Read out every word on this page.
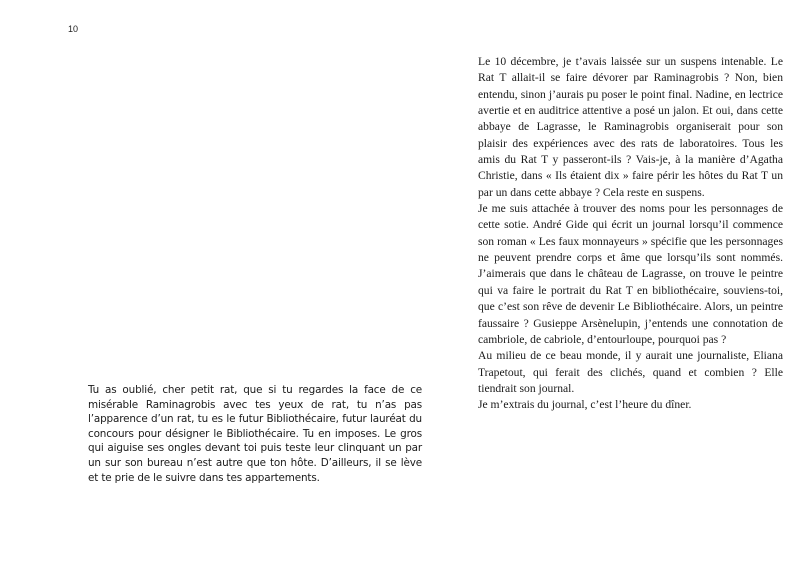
10

Tu as oublié, cher petit rat, que si tu regardes la face de ce misérable Raminagrobis avec tes yeux de rat, tu n’as pas l’apparence d’un rat, tu es le futur Bibliothécaire, futur lauréat du concours pour désigner le Bibliothécaire. Tu en imposes. Le gros qui aiguise ses ongles devant toi puis teste leur clinquant un par un sur son bureau n’est autre que ton hôte. D’ailleurs, il se lève et te prie de le suivre dans tes appartements.

Le 10 décembre, je t’avais laissée sur un suspens intenable. Le Rat T allait-il se faire dévorer par Raminagrobis ? Non, bien entendu, sinon j’aurais pu poser le point final. Nadine, en lectrice avertie et en auditrice attentive a posé un jalon. Et oui, dans cette abbaye de Lagrasse, le Raminagrobis organiserait pour son plaisir des expériences avec des rats de laboratoires. Tous les amis du Rat T y passeront-ils ? Vais-je, à la manière d’Agatha Christie, dans « Ils étaient dix » faire périr les hôtes du Rat T un par un dans cette abbaye ? Cela reste en suspens.

Je me suis attachée à trouver des noms pour les personnages de cette sotie. André Gide qui écrit un journal lorsqu’il commence son roman « Les faux monnayeurs » spécifie que les personnages ne peuvent prendre corps et âme que lorsqu’ils sont nommés. J’aimerais que dans le château de Lagrasse, on trouve le peintre qui va faire le portrait du Rat T en bibliothécaire, souviens-toi, que c’est son rêve de devenir Le Bibliothécaire. Alors, un peintre faussaire ? Gusieppe Arsènelupin, j’entends une connotation de cambriole, de cabriole, d’entourloupe, pourquoi pas ?

Au milieu de ce beau monde, il y aurait une journaliste, Eliana Trapetout, qui ferait des clichés, quand et combien ? Elle tiendrait son journal.

Je m’extrais du journal, c’est l’heure du dîner.
